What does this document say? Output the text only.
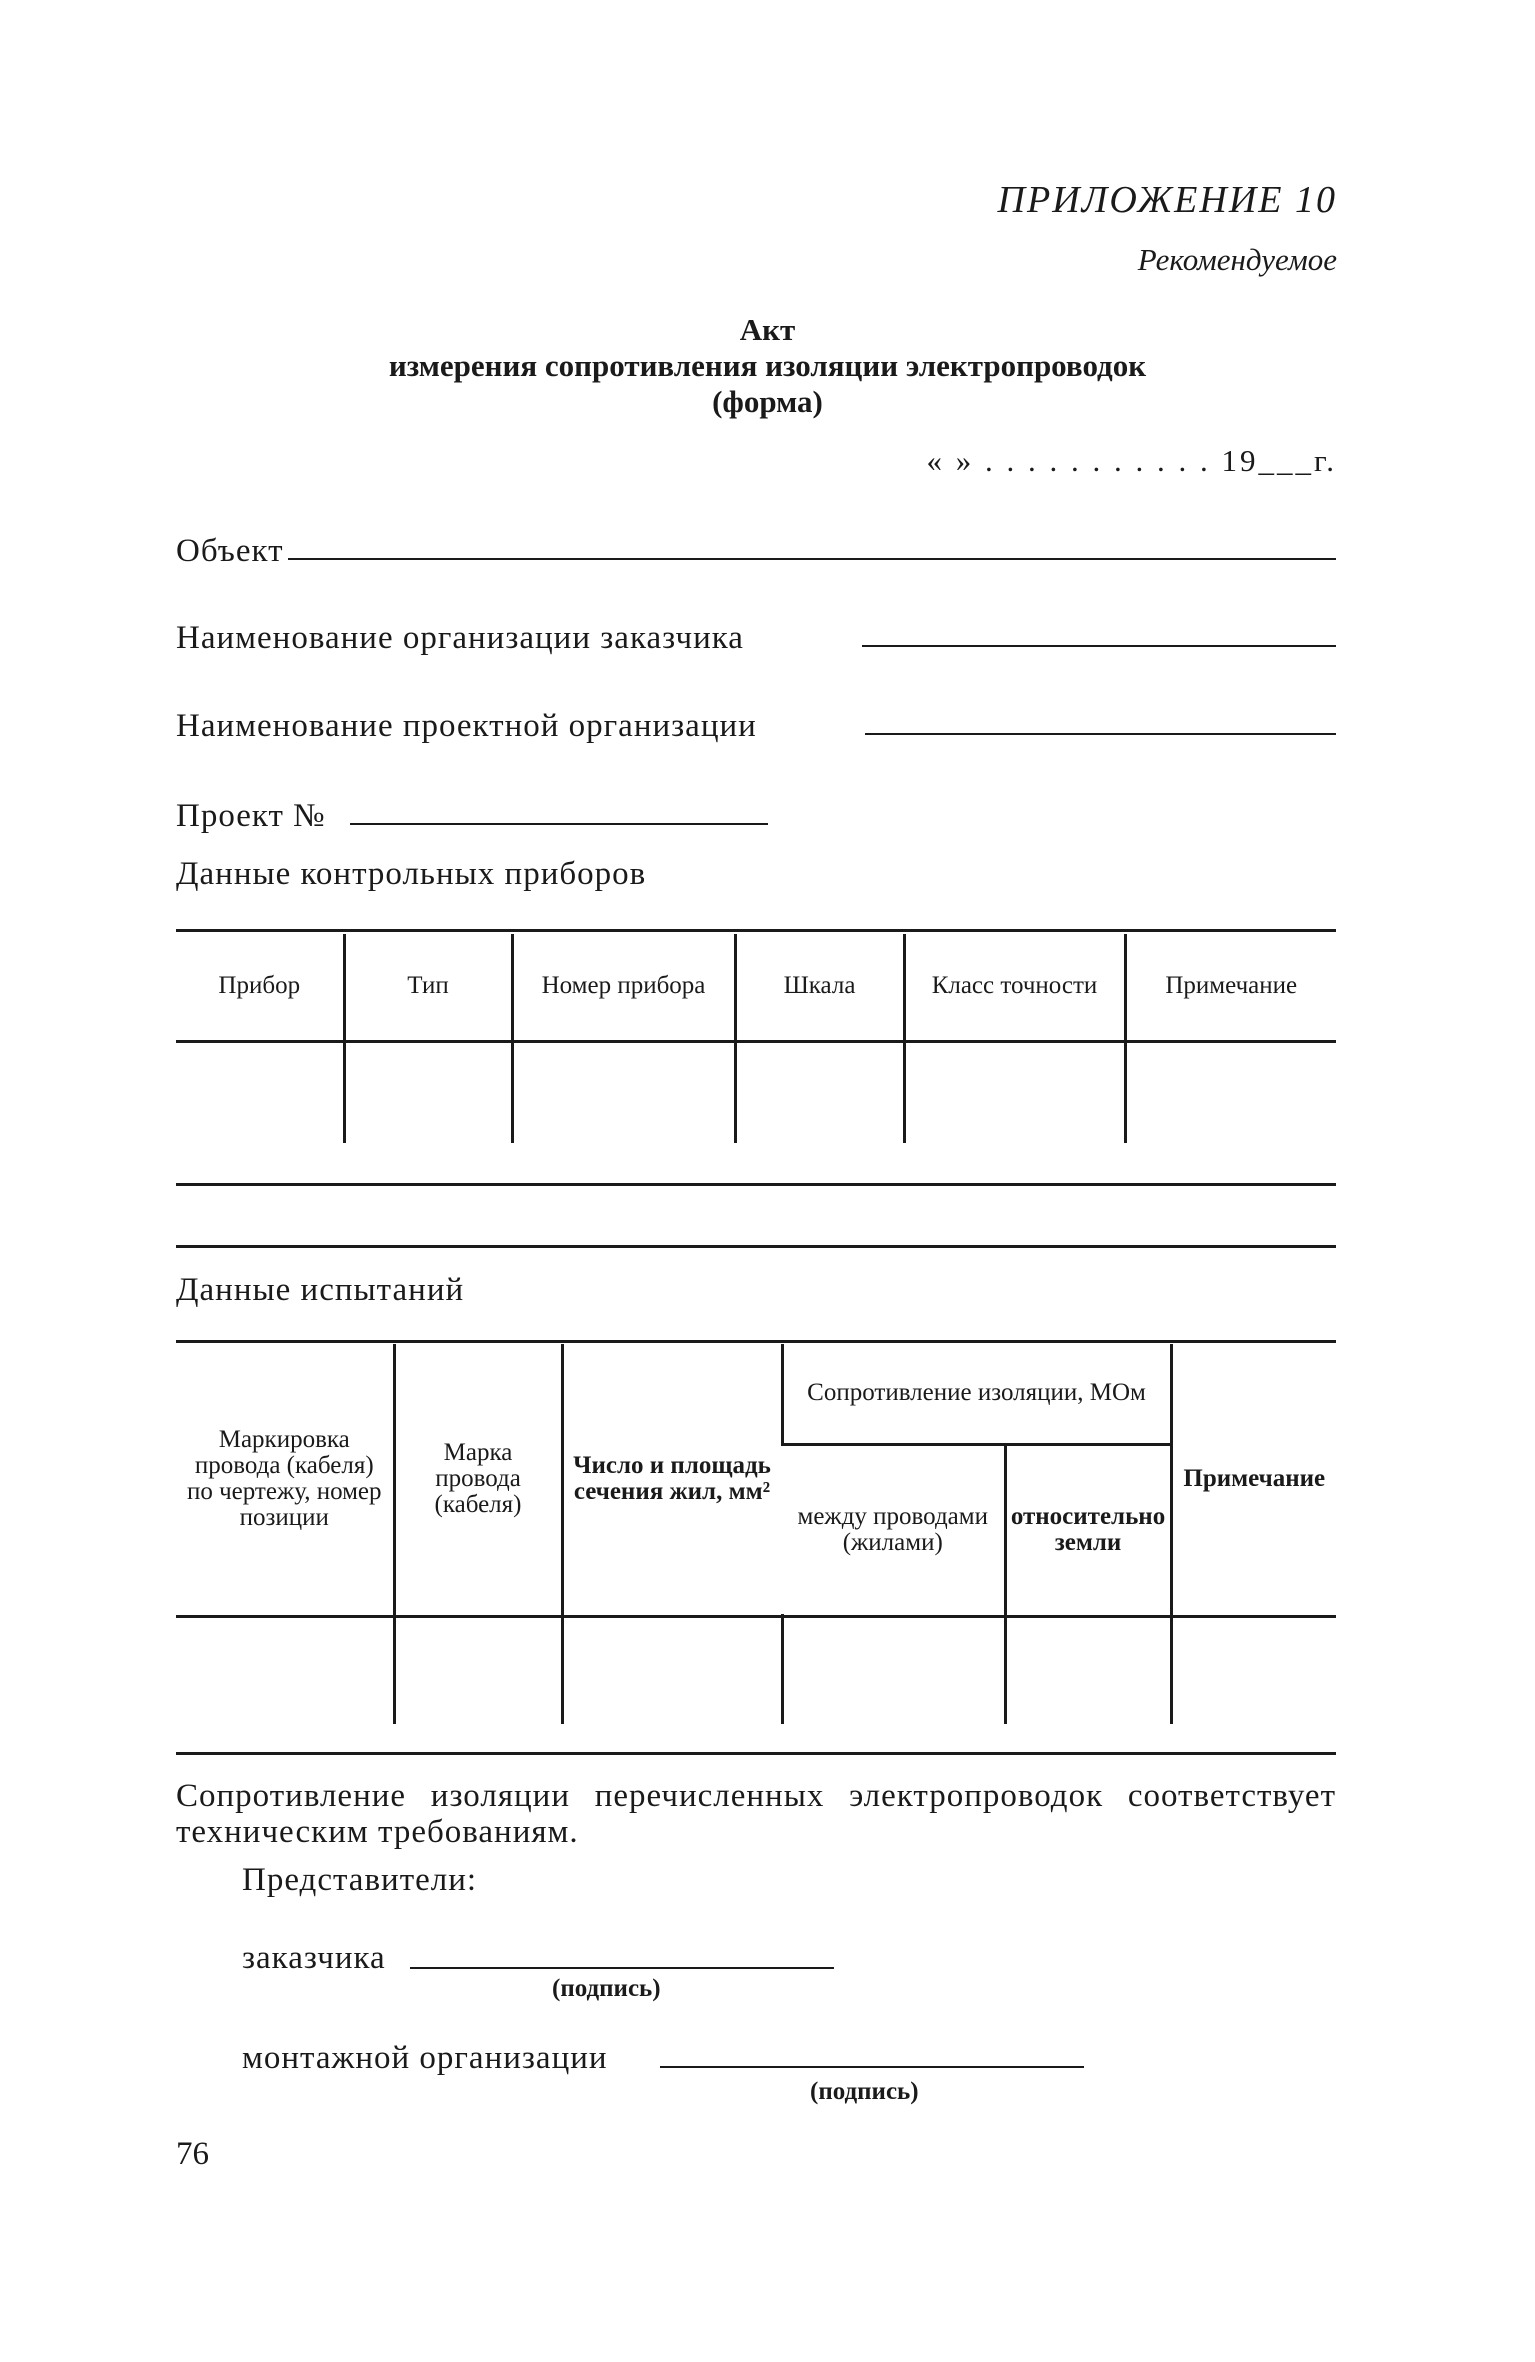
ПРИЛОЖЕНИЕ 10
Рекомендуемое
Акт
измерения сопротивления изоляции электропроводок
(форма)
« » . . . . . . . . . . . 19___г.
Объект
Наименование организации заказчика
Наименование проектной организации
Проект №
Данные контрольных приборов
Прибор	Тип	Номер прибора	Шкала	Класс точности	Примечание

Данные испытаний
Маркировка провода (кабеля) по чертежу, номер позиции	Марка провода (кабеля)	Число и площадь сечения жил, мм²	Сопротивление изоляции, МОм		Примечание
			между проводами (жилами)	относительно земли	

Сопротивление изоляции перечисленных электропроводок соответствует техническим требованиям.
Представители:
заказчика
(подпись)
монтажной организации
(подпись)
76
